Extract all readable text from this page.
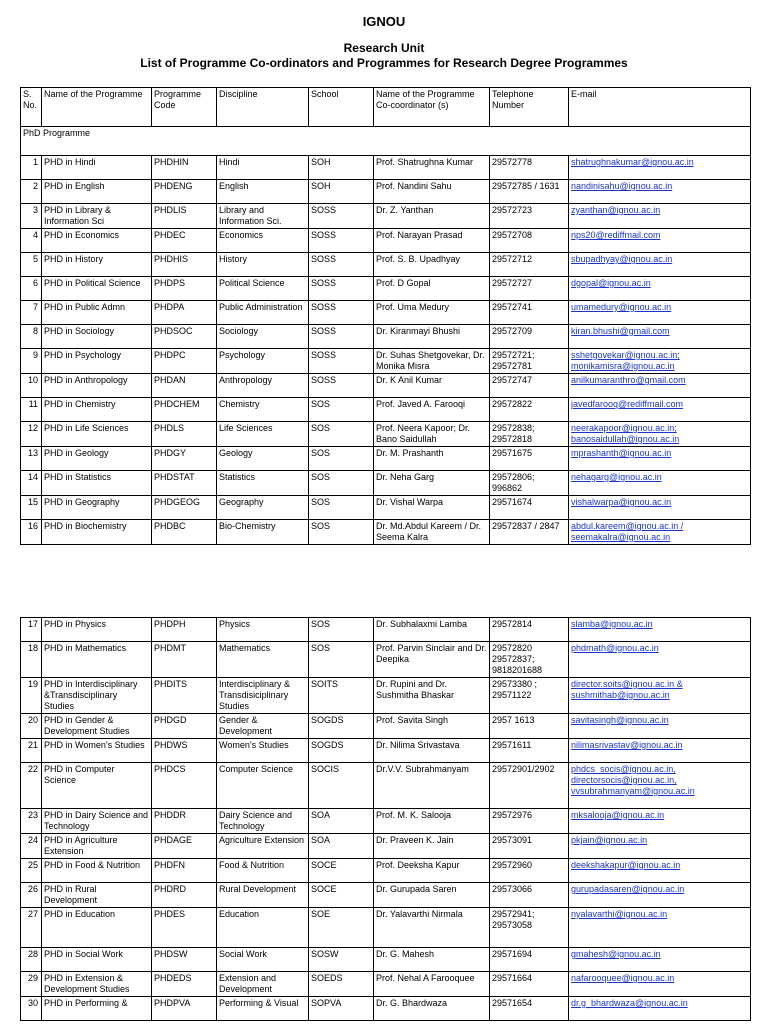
IGNOU
Research Unit
List of Programme Co-ordinators and Programmes for Research Degree Programmes
S. No.	Name of the Programme	Programme Code	Discipline	School	Name of the Programme Co-coordinator (s)	Telephone Number	E-mail
PhD Programme							
1	PHD in Hindi	PHDHIN	Hindi	SOH	Prof. Shatrughna Kumar	29572778	shatrughnakumar@ignou.ac.in
2	PHD in English	PHDENG	English	SOH	Prof. Nandini Sahu	29572785 / 1631	nandinisahu@ignou.ac.in
3	PHD in Library & Information Sci	PHDLIS	Library and Information Sci.	SOSS	Dr. Z. Yanthan	29572723	zyanthan@ignou.ac.in
4	PHD in Economics	PHDEC	Economics	SOSS	Prof. Narayan Prasad	29572708	nps20@rediffmail.com
5	PHD in History	PHDHIS	History	SOSS	Prof. S. B. Upadhyay	29572712	sbupadhyay@ignou.ac.in
6	PHD in Political Science	PHDPS	Political Science	SOSS	Prof. D Gopal	29572727	dgopal@ignou.ac.in
7	PHD in Public Admn	PHDPA	Public Administration	SOSS	Prof. Uma Medury	29572741	umamedury@ignou.ac.in
8	PHD in Sociology	PHDSOC	Sociology	SOSS	Dr. Kiranmayi Bhushi	29572709	kiran.bhushi@gmail.com
9	PHD in Psychology	PHDPC	Psychology	SOSS	Dr. Suhas Shetgovekar, Dr. Monika Misra	29572721; 29572781	sshetgovekar@ignou.ac.in; monikamisra@ignou.ac.in
10	PHD in Anthropology	PHDAN	Anthropology	SOSS	Dr. K Anil Kumar	29572747	anilkumaranthro@gmail.com
11	PHD in Chemistry	PHDCHEM	Chemistry	SOS	Prof. Javed A. Farooqi	29572822	javedfarooq@rediffmail.com
12	PHD in Life Sciences	PHDLS	Life Sciences	SOS	Prof. Neera Kapoor; Dr. Bano Saidullah	29572838; 29572818	neerakapoor@ignou.ac.in; banosaidullah@ignou.ac.in
13	PHD in Geology	PHDGY	Geology	SOS	Dr. M. Prashanth	29571675	mprashanth@ignou.ac.in
14	PHD in Statistics	PHDSTAT	Statistics	SOS	Dr. Neha Garg	29572806; 996862	nehagarg@ignou.ac.in
15	PHD in Geography	PHDGEOG	Geography	SOS	Dr. Vishal Warpa	29571674	vishalwarpa@ignou.ac.in
16	PHD in Biochemistry	PHDBC	Bio-Chemistry	SOS	Dr. Md.Abdul Kareem / Dr. Seema Kalra	29572837 / 2847	abdul.kareem@ignou.ac.in / seemakalra@ignou.ac.in
17	PHD in Physics	PHDPH	Physics	SOS	Dr. Subhalaxmi Lamba	29572814	slamba@ignou.ac.in
18	PHD in Mathematics	PHDMT	Mathematics	SOS	Prof. Parvin Sinclair and Dr. Deepika	29572820 29572837; 9818201688	phdmath@ignou.ac.in
19	PHD in Interdisciplinary &Transdisciplinary Studies	PHDITS	Interdisciplinary & Transdisiciplinary Studies	SOITS	Dr. Rupini and Dr. Sushmitha Bhaskar	29573380 ; 29571122	director.soits@ignou.ac.in & sushmithab@ignou.ac.in
20	PHD in Gender & Development Studies	PHDGD	Gender & Development	SOGDS	Prof. Savita Singh	2957 1613	savitasingh@ignou.ac.in
21	PHD in Women's Studies	PHDWS	Women's Studies	SOGDS	Dr. Nilima Srivastava	29571611	nilimasrivastav@ignou.ac.in
22	PHD in Computer Science	PHDCS	Computer Science	SOCIS	Dr.V.V. Subrahmanyam	29572901/2902	phdcs_socis@ignou.ac.in, directorsocis@ignou.ac.in, vvsubrahmanyam@ignou.ac.in
23	PHD in Dairy Science and Technology	PHDDR	Dairy Science and Technology	SOA	Prof. M. K. Salooja	29572976	mksalooja@ignou.ac.in
24	PHD in Agriculture Extension	PHDAGE	Agriculture Extension	SOA	Dr. Praveen K. Jain	29573091	pkjain@ignou.ac.in
25	PHD in Food & Nutrition	PHDFN	Food & Nutrition	SOCE	Prof. Deeksha Kapur	29572960	deekshakapur@ignou.ac.in
26	PHD in Rural Development	PHDRD	Rural Development	SOCE	Dr. Gurupada Saren	29573066	gurupadasaren@ignou.ac.in
27	PHD in Education	PHDES	Education	SOE	Dr. Yalavarthi Nirmala	29572941; 29573058	nyalavarthi@ignou.ac.in
28	PHD in Social Work	PHDSW	Social Work	SOSW	Dr. G. Mahesh	29571694	gmahesh@ignou.ac.in
29	PHD in Extension & Development Studies	PHDEDS	Extension and Development	SOEDS	Prof. Nehal A Farooquee	29571664	nafarooquee@ignou.ac.in
30	PHD in Performing &	PHDPVA	Performing & Visual	SOPVA	Dr. G. Bhardwaza	29571654	dr.g_bhardwaza@ignou.ac.in
